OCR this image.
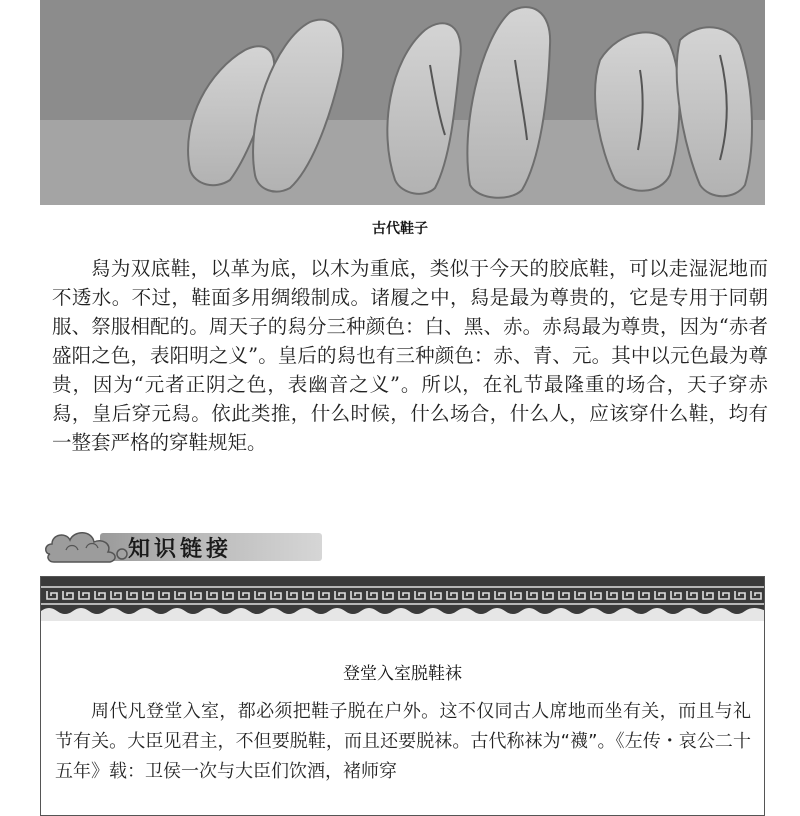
古代鞋子

舄为双底鞋，以革为底，以木为重底，类似于今天的胶底鞋，可以走湿泥地而不透水。不过，鞋面多用绸缎制成。诸履之中，舄是最为尊贵的，它是专用于同朝服、祭服相配的。周天子的舄分三种颜色：白、黑、赤。赤舄最为尊贵，因为“赤者盛阳之色，表阳明之义”。皇后的舄也有三种颜色：赤、青、元。其中以元色最为尊贵，因为“元者正阴之色，表幽音之义”。所以，在礼节最隆重的场合，天子穿赤舄，皇后穿元舄。依此类推，什么时候，什么场合，什么人，应该穿什么鞋，均有一整套严格的穿鞋规矩。

知识链接
登堂入室脱鞋袜

周代凡登堂入室，都必须把鞋子脱在户外。这不仅同古人席地而坐有关，而且与礼节有关。大臣见君主，不但要脱鞋，而且还要脱袜。古代称袜为“襪”。《左传・哀公二十五年》载：卫侯一次与大臣们饮酒，褚师穿
